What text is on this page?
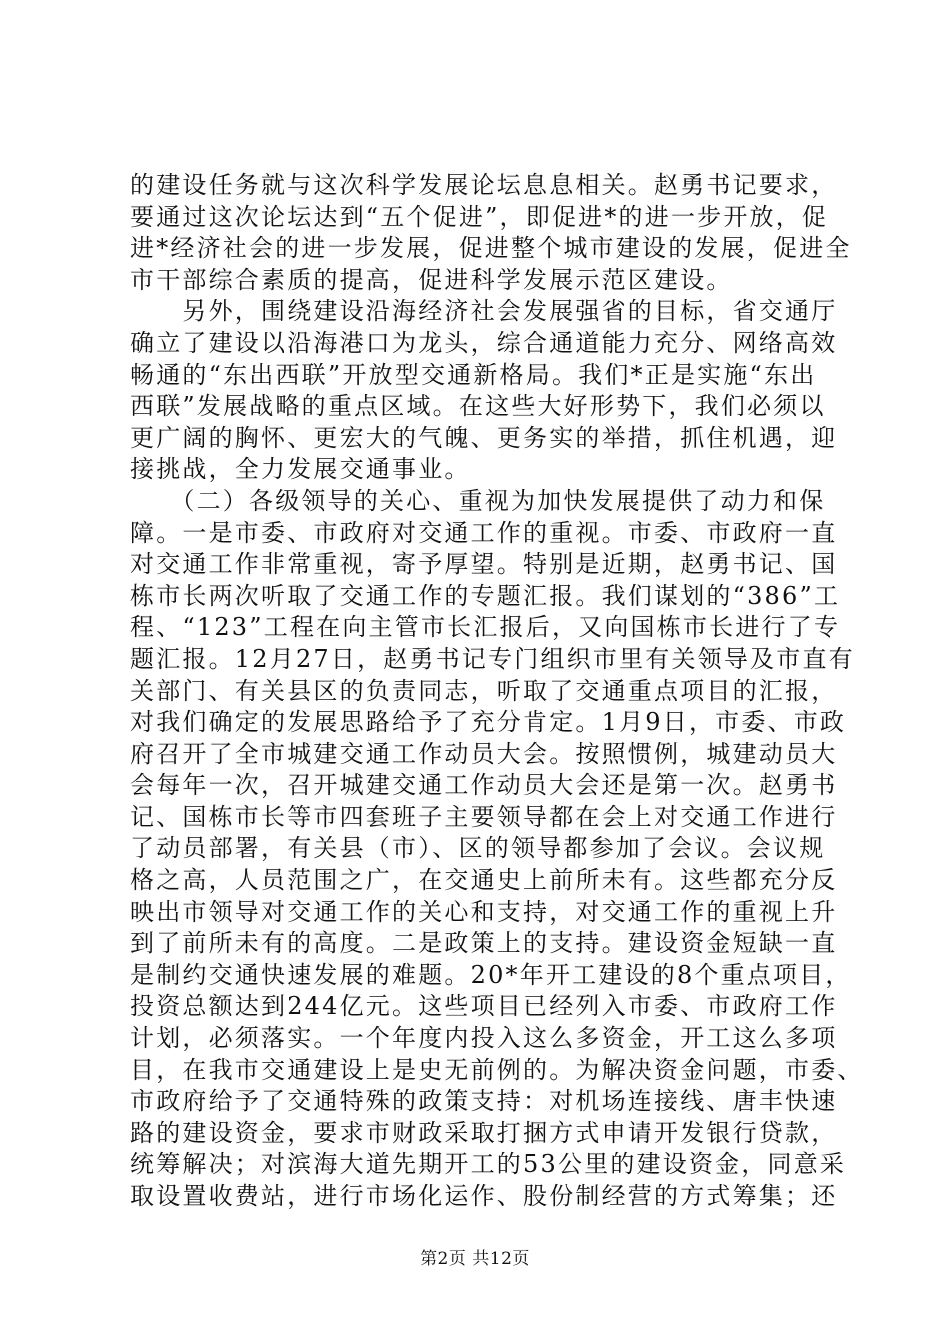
的建设任务就与这次科学发展论坛息息相关。赵勇书记要求，
要通过这次论坛达到“五个促进”，即促进*的进一步开放，促
进*经济社会的进一步发展，促进整个城市建设的发展，促进全
市干部综合素质的提高，促进科学发展示范区建设。
　　另外，围绕建设沿海经济社会发展强省的目标，省交通厅
确立了建设以沿海港口为龙头，综合通道能力充分、网络高效
畅通的“东出西联”开放型交通新格局。我们*正是实施“东出
西联”发展战略的重点区域。在这些大好形势下，我们必须以
更广阔的胸怀、更宏大的气魄、更务实的举措，抓住机遇，迎
接挑战，全力发展交通事业。
　　（二）各级领导的关心、重视为加快发展提供了动力和保
障。一是市委、市政府对交通工作的重视。市委、市政府一直
对交通工作非常重视，寄予厚望。特别是近期，赵勇书记、国
栋市长两次听取了交通工作的专题汇报。我们谋划的“386”工
程、“123”工程在向主管市长汇报后，又向国栋市长进行了专
题汇报。12月27日，赵勇书记专门组织市里有关领导及市直有
关部门、有关县区的负责同志，听取了交通重点项目的汇报，
对我们确定的发展思路给予了充分肯定。1月9日，市委、市政
府召开了全市城建交通工作动员大会。按照惯例，城建动员大
会每年一次，召开城建交通工作动员大会还是第一次。赵勇书
记、国栋市长等市四套班子主要领导都在会上对交通工作进行
了动员部署，有关县（市）、区的领导都参加了会议。会议规
格之高，人员范围之广，在交通史上前所未有。这些都充分反
映出市领导对交通工作的关心和支持，对交通工作的重视上升
到了前所未有的高度。二是政策上的支持。建设资金短缺一直
是制约交通快速发展的难题。20*年开工建设的8个重点项目，
投资总额达到244亿元。这些项目已经列入市委、市政府工作
计划，必须落实。一个年度内投入这么多资金，开工这么多项
目，在我市交通建设上是史无前例的。为解决资金问题，市委、
市政府给予了交通特殊的政策支持：对机场连接线、唐丰快速
路的建设资金，要求市财政采取打捆方式申请开发银行贷款，
统筹解决；对滨海大道先期开工的53公里的建设资金，同意采
取设置收费站，进行市场化运作、股份制经营的方式筹集；还
第2页 共12页
